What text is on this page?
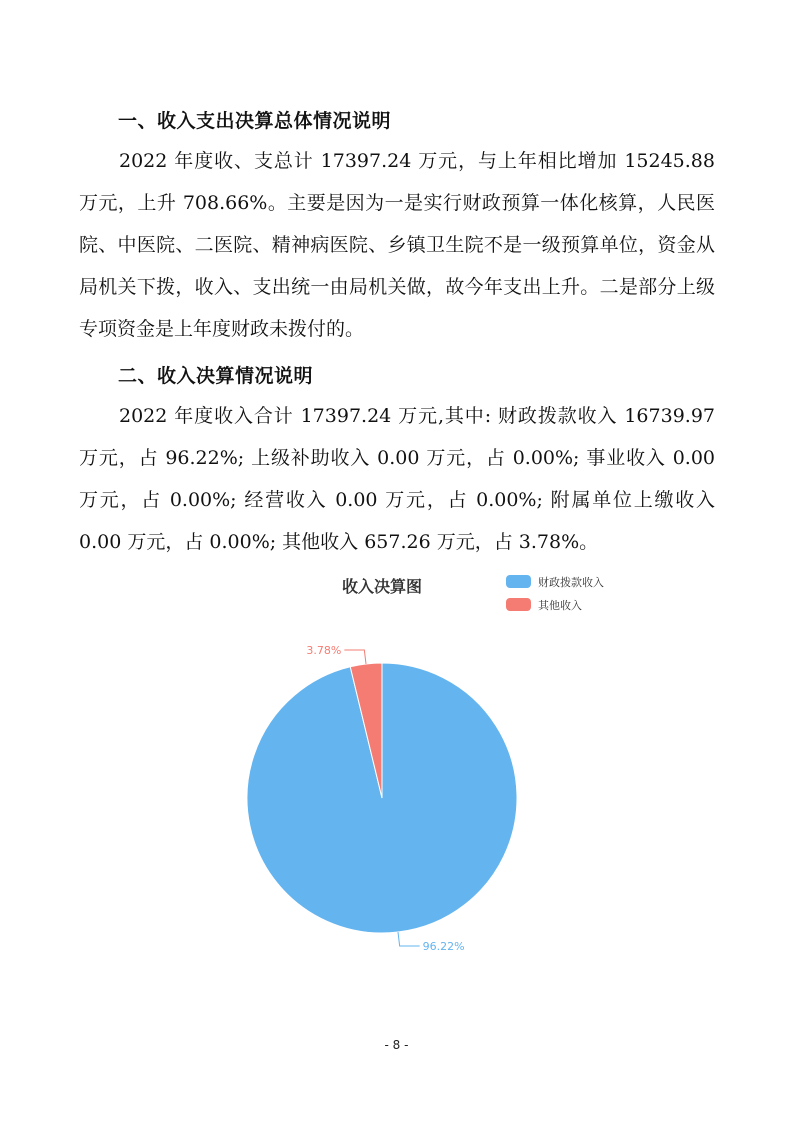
一、收入支出决算总体情况说明

2022 年度收、支总计 17397.24 万元，与上年相比增加 15245.88 万元，上升 708.66%。主要是因为一是实行财政预算一体化核算，人民医院、中医院、二医院、精神病医院、乡镇卫生院不是一级预算单位，资金从局机关下拨，收入、支出统一由局机关做，故今年支出上升。二是部分上级专项资金是上年度财政未拨付的。

二、收入决算情况说明

2022 年度收入合计 17397.24 万元,其中: 财政拨款收入 16739.97 万元，占 96.22%; 上级补助收入 0.00 万元，占 0.00%; 事业收入 0.00 万元，占 0.00%; 经营收入 0.00 万元，占 0.00%; 附属单位上缴收入 0.00 万元，占 0.00%; 其他收入 657.26 万元，占 3.78%。

收入决算图	财政拨款收入
其他收入
96.22%
3.78%
- 8 -
